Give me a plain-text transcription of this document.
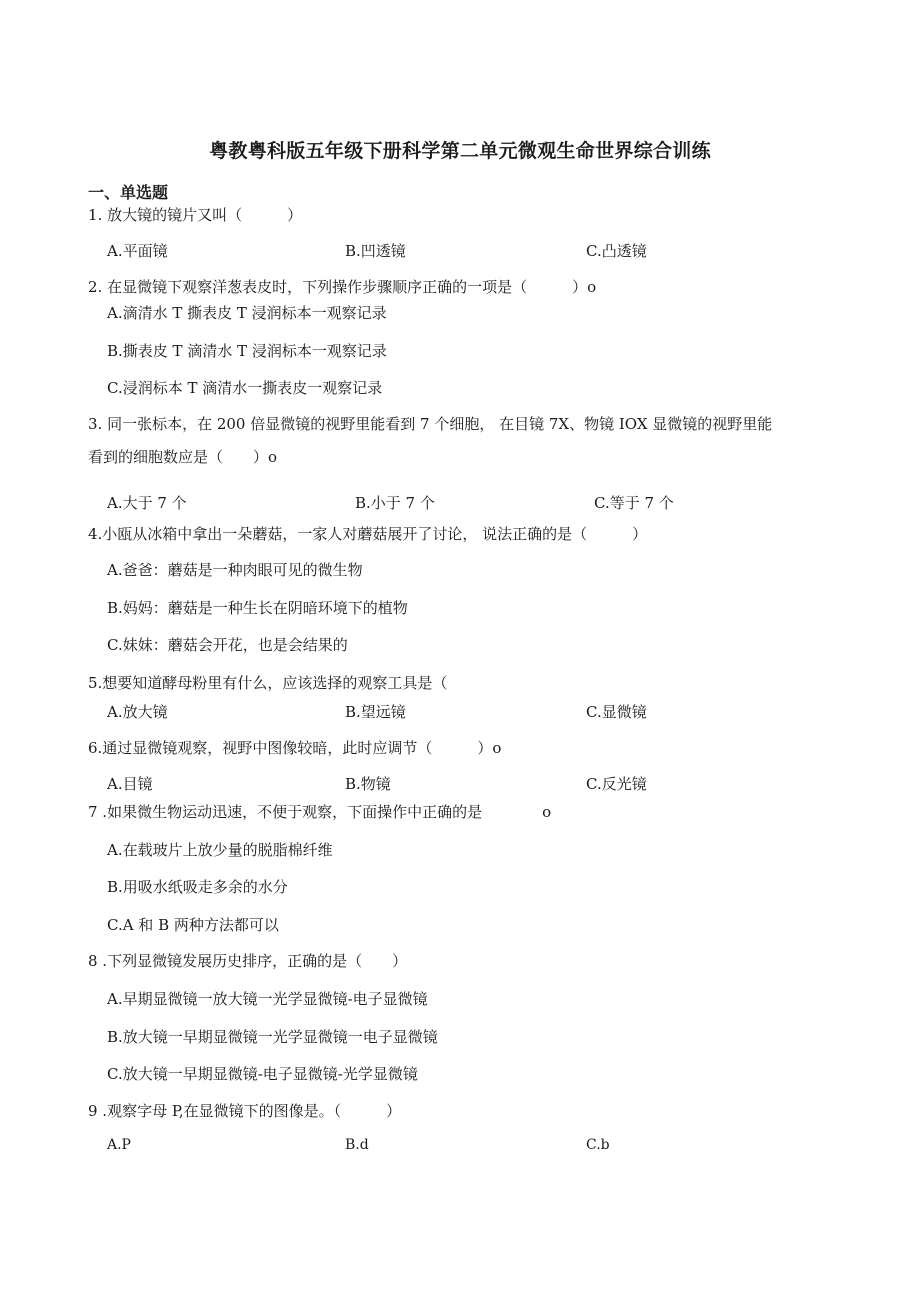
粤教粤科版五年级下册科学第二单元微观生命世界综合训练
一、单选题
1. 放大镜的镜片又叫（　　　）
A.平面镜	B.凹透镜	C.凸透镜
2. 在显微镜下观察洋葱表皮时，下列操作步骤顺序正确的一项是（　　　）o
A.滴清水 T 撕表皮 T 浸润标本一观察记录
B.撕表皮 T 滴清水 T 浸润标本一观察记录
C.浸润标本 T 滴清水一撕表皮一观察记录
3. 同一张标本，在 200 倍显微镜的视野里能看到 7 个细胞， 在目镜 7X、物镜 IOX 显微镜的视野里能
看到的细胞数应是（　　）o
A.大于 7 个	B.小于 7 个	C.等于 7 个
4.小瓯从冰箱中拿出一朵蘑菇，一家人对蘑菇展开了讨论， 说法正确的是（　　　）
A.爸爸：蘑菇是一种肉眼可见的微生物
B.妈妈：蘑菇是一种生长在阴暗环境下的植物
C.妹妹：蘑菇会开花，也是会结果的
5.想要知道酵母粉里有什么，应该选择的观察工具是（
A.放大镜	B.望远镜	C.显微镜
6.通过显微镜观察，视野中图像较暗，此时应调节（　　　）o
A.目镜	B.物镜	C.反光镜
7 .如果微生物运动迅速，不便于观察，下面操作中正确的是　　　　o
A.在载玻片上放少量的脱脂棉纤维
B.用吸水纸吸走多余的水分
C.A 和 B 两种方法都可以
8 .下列显微镜发展历史排序，正确的是（　　）
A.早期显微镜一放大镜一光学显微镜-电子显微镜
B.放大镜一早期显微镜一光学显微镜一电子显微镜
C.放大镜一早期显微镜-电子显微镜-光学显微镜
9 .观察字母 P,在显微镜下的图像是。（　　　）
A.P	B.d	C.b
